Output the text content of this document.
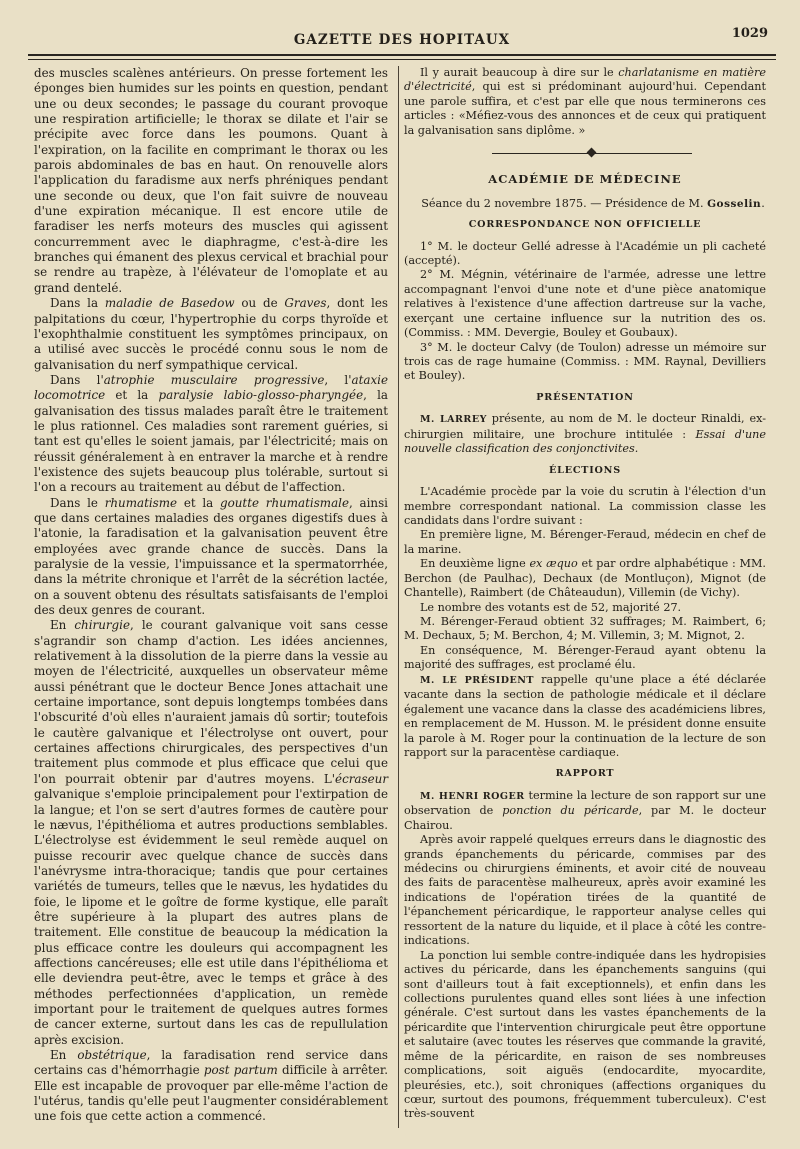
GAZETTE DES HOPITAUX	1029

des muscles scalènes antérieurs. On presse fortement les éponges bien humides sur les points en question, pendant une ou deux secondes; le passage du courant provoque une respiration artificielle; le thorax se dilate et l'air se précipite avec force dans les poumons. Quant à l'expiration, on la facilite en comprimant le thorax ou les parois abdominales de bas en haut. On renouvelle alors l'application du faradisme aux nerfs phréniques pendant une seconde ou deux, que l'on fait suivre de nouveau d'une expiration mécanique. Il est encore utile de faradiser les nerfs moteurs des muscles qui agissent concurremment avec le diaphragme, c'est-à-dire les branches qui émanent des plexus cervical et brachial pour se rendre au trapèze, à l'élévateur de l'omoplate et au grand dentelé.

Dans la maladie de Basedow ou de Graves, dont les palpitations du cœur, l'hypertrophie du corps thyroïde et l'exophthalmie constituent les symptômes principaux, on a utilisé avec succès le procédé connu sous le nom de galvanisation du nerf sympathique cervical.

Dans l'atrophie musculaire progressive, l'ataxie locomotrice et la paralysie labio-glosso-pharyngée, la galvanisation des tissus malades paraît être le traitement le plus rationnel. Ces maladies sont rarement guéries, si tant est qu'elles le soient jamais, par l'électricité; mais on réussit généralement à en entraver la marche et à rendre l'existence des sujets beaucoup plus tolérable, surtout si l'on a recours au traitement au début de l'affection.

Dans le rhumatisme et la goutte rhumatismale, ainsi que dans certaines maladies des organes digestifs dues à l'atonie, la faradisation et la galvanisation peuvent être employées avec grande chance de succès. Dans la paralysie de la vessie, l'impuissance et la spermatorrhée, dans la métrite chronique et l'arrêt de la sécrétion lactée, on a souvent obtenu des résultats satisfaisants de l'emploi des deux genres de courant.

En chirurgie, le courant galvanique voit sans cesse s'agrandir son champ d'action. Les idées anciennes, relativement à la dissolution de la pierre dans la vessie au moyen de l'électricité, auxquelles un observateur même aussi pénétrant que le docteur Bence Jones attachait une certaine importance, sont depuis longtemps tombées dans l'obscurité d'où elles n'auraient jamais dû sortir; toutefois le cautère galvanique et l'électrolyse ont ouvert, pour certaines affections chirurgicales, des perspectives d'un traitement plus commode et plus efficace que celui que l'on pourrait obtenir par d'autres moyens. L'écraseur galvanique s'emploie principalement pour l'extirpation de la langue; et l'on se sert d'autres formes de cautère pour le nævus, l'épithélioma et autres productions semblables. L'électrolyse est évidemment le seul remède auquel on puisse recourir avec quelque chance de succès dans l'anévrysme intra-thoracique; tandis que pour certaines variétés de tumeurs, telles que le nævus, les hydatides du foie, le lipome et le goître de forme kystique, elle paraît être supérieure à la plupart des autres plans de traitement. Elle constitue de beaucoup la médication la plus efficace contre les douleurs qui accompagnent les affections cancéreuses; elle est utile dans l'épithélioma et elle deviendra peut-être, avec le temps et grâce à des méthodes perfectionnées d'application, un remède important pour le traitement de quelques autres formes de cancer externe, surtout dans les cas de repullulation après excision.

En obstétrique, la faradisation rend service dans certains cas d'hémorrhagie post partum difficile à arrêter. Elle est incapable de provoquer par elle-même l'action de l'utérus, tandis qu'elle peut l'augmenter considérablement une fois que cette action a commencé.

Il y aurait beaucoup à dire sur le charlatanisme en matière d'électricité, qui est si prédominant aujourd'hui. Cependant une parole suffira, et c'est par elle que nous terminerons ces articles : «Méfiez-vous des annonces et de ceux qui pratiquent la galvanisation sans diplôme. »

ACADÉMIE DE MÉDECINE

Séance du 2 novembre 1875. — Présidence de M. Gosselin.

CORRESPONDANCE NON OFFICIELLE

1° M. le docteur Gellé adresse à l'Académie un pli cacheté (accepté).

2° M. Mégnin, vétérinaire de l'armée, adresse une lettre accompagnant l'envoi d'une note et d'une pièce anatomique relatives à l'existence d'une affection dartreuse sur la vache, exerçant une certaine influence sur la nutrition des os. (Commiss. : MM. Devergie, Bouley et Goubaux).

3° M. le docteur Calvy (de Toulon) adresse un mémoire sur trois cas de rage humaine (Commiss. : MM. Raynal, Devilliers et Bouley).

PRÉSENTATION

M. LARREY présente, au nom de M. le docteur Rinaldi, ex-chirurgien militaire, une brochure intitulée : Essai d'une nouvelle classification des conjonctivites.

ÉLECTIONS

L'Académie procède par la voie du scrutin à l'élection d'un membre correspondant national. La commission classe les candidats dans l'ordre suivant :

En première ligne, M. Bérenger-Feraud, médecin en chef de la marine.

En deuxième ligne ex æquo et par ordre alphabétique : MM. Berchon (de Paulhac), Dechaux (de Montluçon), Mignot (de Chantelle), Raimbert (de Châteaudun), Villemin (de Vichy).

Le nombre des votants est de 52, majorité 27.

M. Bérenger-Feraud obtient 32 suffrages; M. Raimbert, 6; M. Dechaux, 5; M. Berchon, 4; M. Villemin, 3; M. Mignot, 2.

En conséquence, M. Bérenger-Feraud ayant obtenu la majorité des suffrages, est proclamé élu.

M. LE PRÉSIDENT rappelle qu'une place a été déclarée vacante dans la section de pathologie médicale et il déclare également une vacance dans la classe des académiciens libres, en remplacement de M. Husson. M. le président donne ensuite la parole à M. Roger pour la continuation de la lecture de son rapport sur la paracentèse cardiaque.

RAPPORT

M. HENRI ROGER termine la lecture de son rapport sur une observation de ponction du péricarde, par M. le docteur Chairou.

Après avoir rappelé quelques erreurs dans le diagnostic des grands épanchements du péricarde, commises par des médecins ou chirurgiens éminents, et avoir cité de nouveau des faits de paracentèse malheureux, après avoir examiné les indications de l'opération tirées de la quantité de l'épanchement péricardique, le rapporteur analyse celles qui ressortent de la nature du liquide, et il place à côté les contre-indications.

La ponction lui semble contre-indiquée dans les hydropisies actives du péricarde, dans les épanchements sanguins (qui sont d'ailleurs tout à fait exceptionnels), et enfin dans les collections purulentes quand elles sont liées à une infection générale. C'est surtout dans les vastes épanchements de la péricardite que l'intervention chirurgicale peut être opportune et salutaire (avec toutes les réserves que commande la gravité, même de la péricardite, en raison de ses nombreuses complications, soit aiguës (endocardite, myocardite, pleurésies, etc.), soit chroniques (affections organiques du cœur, surtout des poumons, fréquemment tuberculeux). C'est très-souvent
